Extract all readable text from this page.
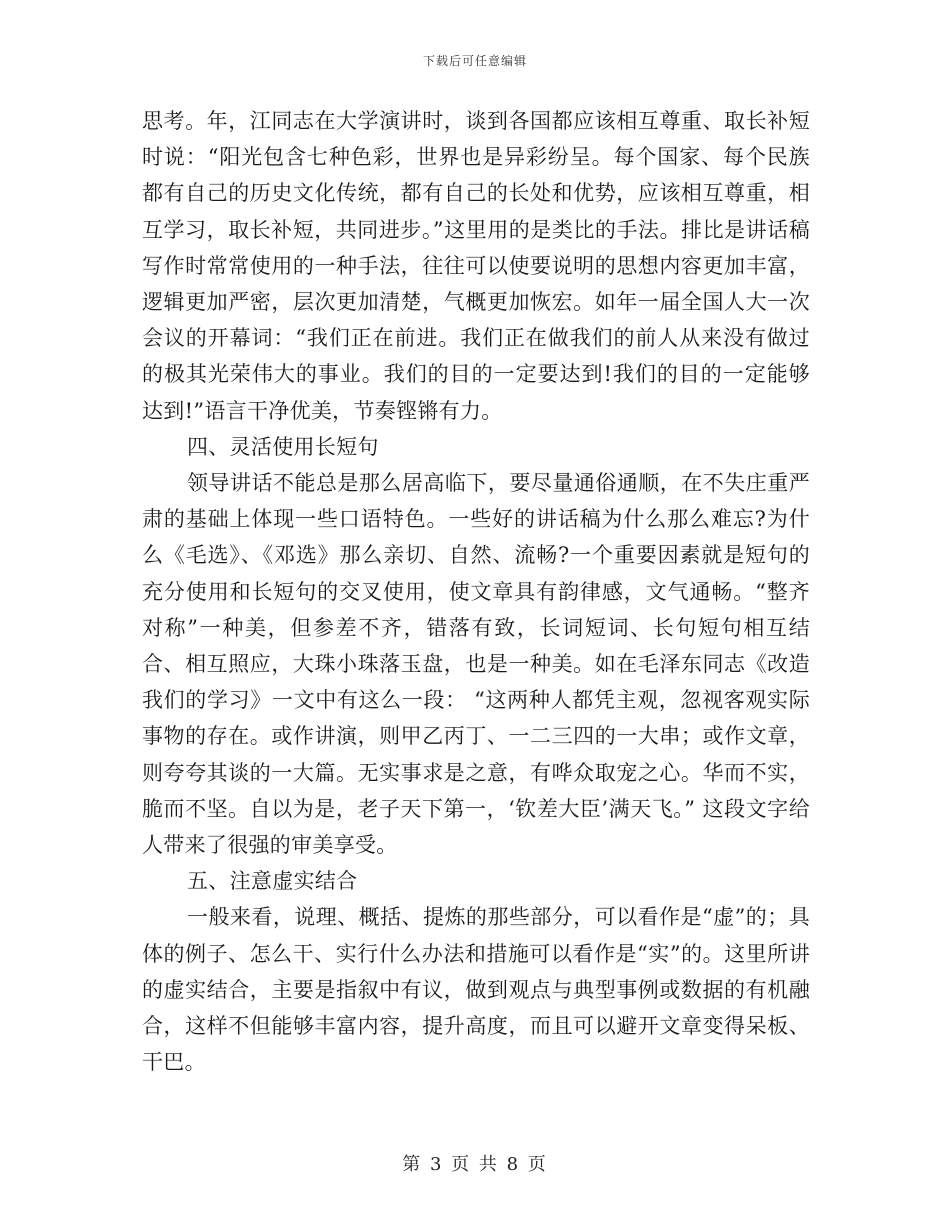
下载后可任意编辑

思考。年，江同志在大学演讲时，谈到各国都应该相互尊重、取长补短时说：“阳光包含七种色彩，世界也是异彩纷呈。每个国家、每个民族都有自己的历史文化传统，都有自己的长处和优势，应该相互尊重，相互学习，取长补短，共同进步。”这里用的是类比的手法。排比是讲话稿写作时常常使用的一种手法，往往可以使要说明的思想内容更加丰富，逻辑更加严密，层次更加清楚，气概更加恢宏。如年一届全国人大一次会议的开幕词：“我们正在前进。我们正在做我们的前人从来没有做过的极其光荣伟大的事业。我们的目的一定要达到!我们的目的一定能够达到!”语言干净优美，节奏铿锵有力。

四、灵活使用长短句

领导讲话不能总是那么居高临下，要尽量通俗通顺，在不失庄重严肃的基础上体现一些口语特色。一些好的讲话稿为什么那么难忘?为什么《毛选》、《邓选》那么亲切、自然、流畅?一个重要因素就是短句的充分使用和长短句的交叉使用，使文章具有韵律感，文气通畅。“整齐对称”一种美，但参差不齐，错落有致，长词短词、长句短句相互结合、相互照应，大珠小珠落玉盘，也是一种美。如在毛泽东同志《改造我们的学习》一文中有这么一段： “这两种人都凭主观，忽视客观实际事物的存在。或作讲演，则甲乙丙丁、一二三四的一大串；或作文章，则夸夸其谈的一大篇。无实事求是之意，有哗众取宠之心。华而不实，脆而不坚。自以为是，老子天下第一，‘钦差大臣’满天飞。” 这段文字给人带来了很强的审美享受。

五、注意虚实结合

一般来看，说理、概括、提炼的那些部分，可以看作是“虚”的；具体的例子、怎么干、实行什么办法和措施可以看作是“实”的。这里所讲的虚实结合，主要是指叙中有议，做到观点与典型事例或数据的有机融合，这样不但能够丰富内容，提升高度，而且可以避开文章变得呆板、干巴。

第 3 页 共 8 页
